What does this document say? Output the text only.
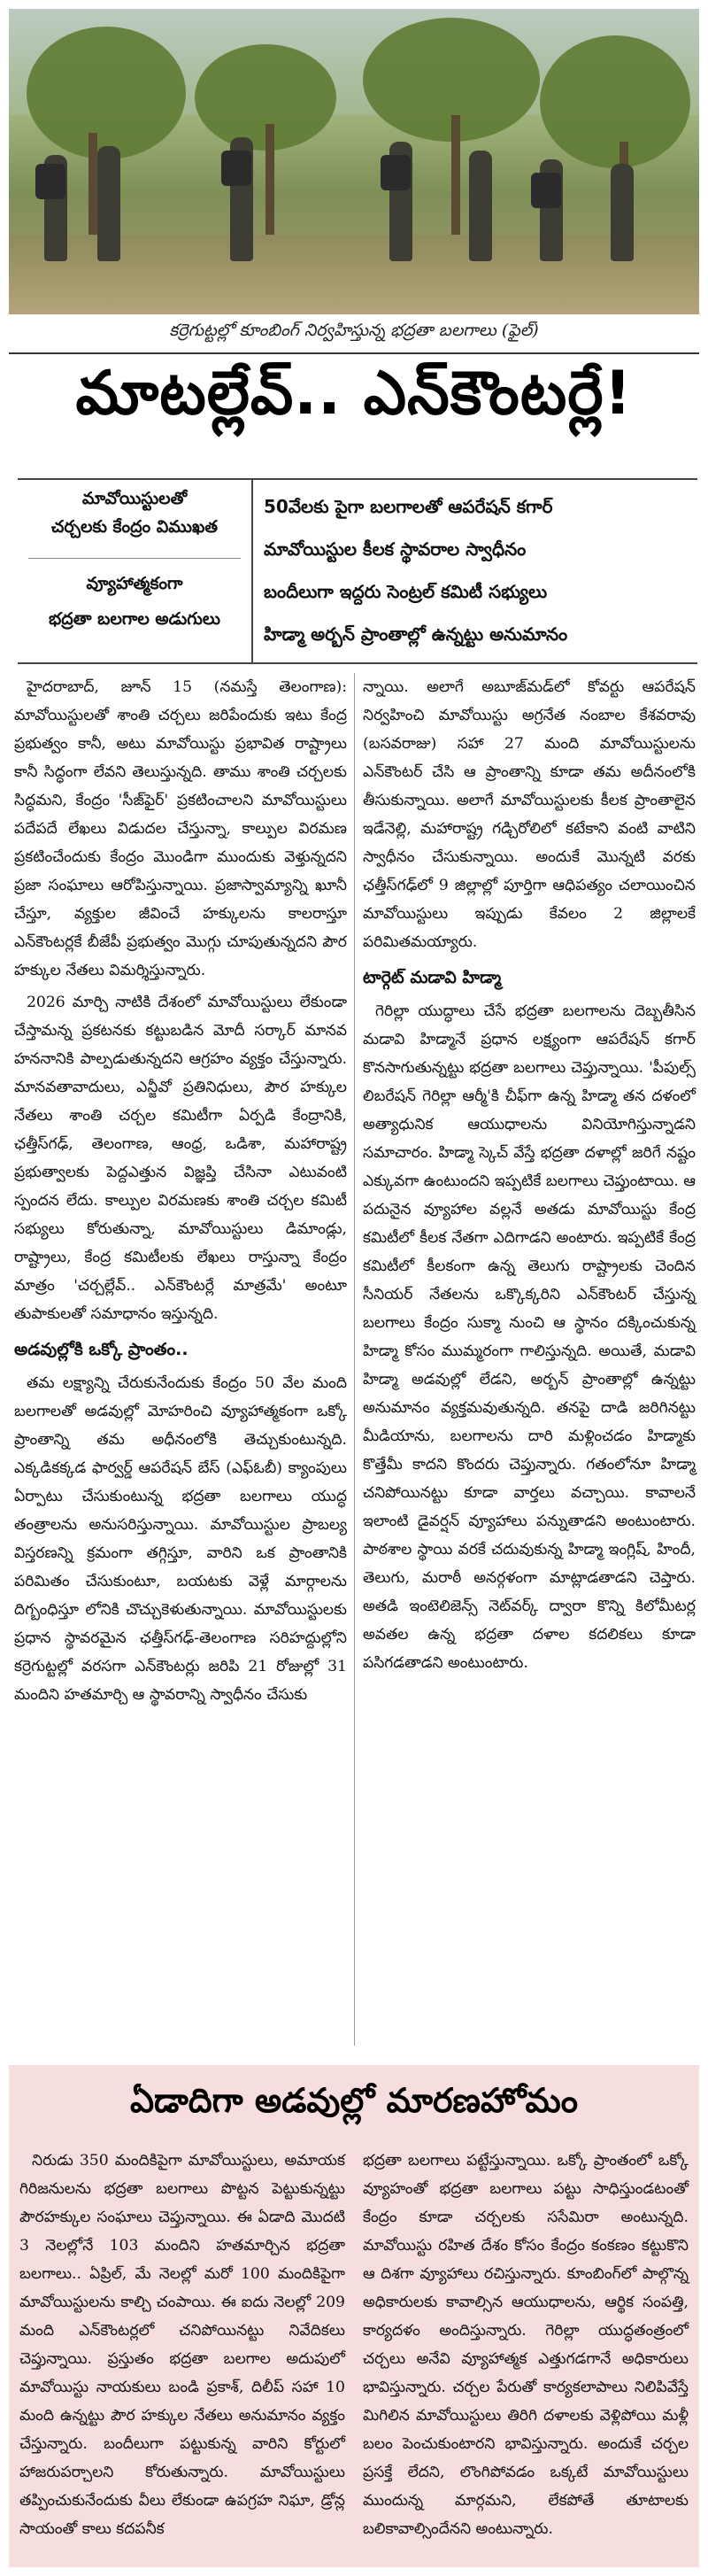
కర్రెగుట్టల్లో కూంబింగ్ నిర్వహిస్తున్న భద్రతా బలగాలు (ఫైల్)
మాటల్లేవ్.. ఎన్‌కౌంటర్లే!
మావోయిస్టులతో
చర్చలకు కేంద్రం విముఖత
వ్యూహాత్మకంగా
భద్రతా బలగాల అడుగులు
50వేలకు పైగా బలగాలతో ఆపరేషన్ కగార్
మావోయిస్టుల కీలక స్థావరాల స్వాధీనం
బందీలుగా ఇద్దరు సెంట్రల్ కమిటీ సభ్యులు
హిడ్మా అర్బన్ ప్రాంతాల్లో ఉన్నట్టు అనుమానం

హైదరాబాద్, జూన్ 15 (నమస్తే తెలంగాణ): మావోయిస్టులతో శాంతి చర్చలు జరిపేందుకు ఇటు కేంద్ర ప్రభుత్వం కానీ, అటు మావోయిస్టు ప్రభావిత రాష్ట్రాలు కానీ సిద్ధంగా లేవని తెలుస్తున్నది. తాము శాంతి చర్చలకు సిద్ధమని, కేంద్రం 'సీజ్‌ఫైర్' ప్రకటించాలని మావోయిస్టులు పదేపదే లేఖలు విడుదల చేస్తున్నా, కాల్పుల విరమణ ప్రకటించేందుకు కేంద్రం మొండిగా ముందుకు వెళ్తున్నదని ప్రజా సంఘాలు ఆరోపిస్తున్నాయి. ప్రజాస్వామ్యాన్ని ఖూనీ చేస్తూ, వ్యక్తుల జీవించే హక్కులను కాలరాస్తూ ఎన్‌కౌంటర్లకే బీజేపీ ప్రభుత్వం మొగ్గు చూపుతున్నదని పౌర హక్కుల నేతలు విమర్శిస్తున్నారు.

2026 మార్చి నాటికి దేశంలో మావోయిస్టులు లేకుండా చేస్తామన్న ప్రకటనకు కట్టుబడిన మోదీ సర్కార్ మానవ హననానికి పాల్పడుతున్నదని ఆగ్రహం వ్యక్తం చేస్తున్నారు. మానవతావాదులు, ఎన్జీవో ప్రతినిధులు, పౌర హక్కుల నేతలు శాంతి చర్చల కమిటీగా ఏర్పడి కేంద్రానికి, ఛత్తీస్‌గఢ్, తెలంగాణ, ఆంధ్ర, ఒడిశా, మహారాష్ట్ర ప్రభుత్వాలకు పెద్దఎత్తున విజ్ఞప్తి చేసినా ఎటువంటి స్పందన లేదు. కాల్పుల విరమణకు శాంతి చర్చల కమిటీ సభ్యులు కోరుతున్నా, మావోయిస్టులు డిమాండ్లు, రాష్ట్రాలు, కేంద్ర కమిటీలకు లేఖలు రాస్తున్నా కేంద్రం మాత్రం 'చర్చల్లేవ్.. ఎన్‌కౌంటర్లే మాత్రమే' అంటూ తుపాకులతో సమాధానం ఇస్తున్నది.

అడవుల్లోకి ఒక్కో ప్రాంతం..

తమ లక్ష్యాన్ని చేరుకునేందుకు కేంద్రం 50 వేల మంది బలగాలతో అడవుల్లో మోహరించి వ్యూహాత్మకంగా ఒక్కో ప్రాంతాన్ని తమ అధీనంలోకి తెచ్చుకుంటున్నది. ఎక్కడికక్కడ ఫార్వర్డ్ ఆపరేషన్ బేస్ (ఎఫ్‌ఓబీ) క్యాంపులు ఏర్పాటు చేసుకుంటున్న భద్రతా బలగాలు యుద్ధ తంత్రాలను అనుసరిస్తున్నాయి. మావోయిస్టుల ప్రాబల్య విస్తరణన్ని క్రమంగా తగ్గిస్తూ, వారిని ఒక ప్రాంతానికి పరిమితం చేసుకుంటూ, బయటకు వెళ్లే మార్గాలను దిగ్బంధిస్తూ లోనికి చొచ్చుకెళుతున్నాయి. మావోయిస్టులకు ప్రధాన స్థావరమైన ఛత్తీస్‌గఢ్-తెలంగాణ సరిహద్దుల్లోని కర్రెగుట్టల్లో వరసగా ఎన్‌కౌంటర్లు జరిపి 21 రోజుల్లో 31 మందిని హతమార్చి ఆ స్థావరాన్ని స్వాధీనం చేసుకు

న్నాయి. అలాగే అబూజ్‌మడ్‌లో కోవర్టు ఆపరేషన్ నిర్వహించి మావోయిస్టు అగ్రనేత నంబాల కేశవరావు (బసవరాజు) సహా 27 మంది మావోయిస్టులను ఎన్‌కౌంటర్ చేసి ఆ ప్రాంతాన్ని కూడా తమ అదీనంలోకి తీసుకున్నాయి. అలాగే మావోయిస్టులకు కీలక ప్రాంతాలైన ఇడేనెల్లి, మహారాష్ట్ర గడ్చిరోలిలో కటేకాని వంటి వాటిని స్వాధీనం చేసుకున్నాయి. అందుకే మొన్నటి వరకు ఛత్తీస్‌గఢ్‌లో 9 జిల్లాల్లో పూర్తిగా ఆధిపత్యం చలాయించిన మావోయిస్టులు ఇప్పుడు కేవలం 2 జిల్లాలకే పరిమితమయ్యారు.

టార్గెట్ మడావి హిడ్మా

గెరిల్లా యుద్ధాలు చేసే భద్రతా బలగాలను దెబ్బతీసిన మడావి హిడ్మానే ప్రధాన లక్ష్యంగా ఆపరేషన్ కగార్ కొనసాగుతున్నట్టు భద్రతా బలగాలు చెప్తున్నాయి. 'పీపుల్స్ లిబరేషన్ గెరిల్లా ఆర్మీ'కి చీఫ్‌గా ఉన్న హిడ్మా తన దళంలో అత్యాధునిక ఆయుధాలను వినియోగిస్తున్నాడని సమాచారం. హిడ్మా స్కెచ్ వేస్తే భద్రతా దళాల్లో జరిగే నష్టం ఎక్కువగా ఉంటుందని ఇప్పటికే బలగాలు చెప్తుంటాయి. ఆ పదునైన వ్యూహాల వల్లనే అతడు మావోయిస్టు కేంద్ర కమిటీలో కీలక నేతగా ఎదిగాడని అంటారు. ఇప్పటికే కేంద్ర కమిటీలో కీలకంగా ఉన్న తెలుగు రాష్ట్రాలకు చెందిన సీనియర్ నేతలను ఒక్కొక్కరిని ఎన్‌కౌంటర్ చేస్తున్న బలగాలు కేంద్రం సుక్మా నుంచి ఆ స్థానం దక్కించుకున్న హిడ్మా కోసం ముమ్మరంగా గాలిస్తున్నది. అయితే, మడావి హిడ్మా అడవుల్లో లేడని, అర్బన్ ప్రాంతాల్లో ఉన్నట్టు అనుమానం వ్యక్తమవుతున్నది. తనపై దాడి జరిగినట్టు మీడియాను, బలగాలను దారి మళ్లించడం హిడ్మాకు కొత్తేమీ కాదని కొందరు చెప్తున్నారు. గతంలోనూ హిడ్మా చనిపోయినట్టు కూడా వార్తలు వచ్చాయి. కావాలనే ఇలాంటి డైవర్షన్ వ్యూహాలు పన్నుతాడని అంటుంటారు. పాఠశాల స్థాయి వరకే చదువుకున్న హిడ్మా ఇంగ్లిష్, హిందీ, తెలుగు, మరాఠీ అనర్గళంగా మాట్లాడతాడని చెప్తారు. అతడి ఇంటెలిజెన్స్ నెట్‌వర్క్ ద్వారా కొన్ని కిలోమీటర్ల అవతల ఉన్న భద్రతా దళాల కదలికలు కూడా పసిగడతాడని అంటుంటారు.

ఏడాదిగా అడవుల్లో మారణహోమం

నిరుడు 350 మందికిపైగా మావోయిస్టులు, అమాయక గిరిజనులను భద్రతా బలగాలు పొట్టన పెట్టుకున్నట్టు పౌరహక్కుల సంఘాలు చెప్తున్నాయి. ఈ ఏడాది మొదటి 3 నెలల్లోనే 103 మందిని హతమార్చిన భద్రతా బలగాలు.. ఏప్రిల్, మే నెలల్లో మరో 100 మందికిపైగా మావోయిస్టులను కాల్చి చంపాయి. ఈ ఐదు నెలల్లో 209 మంది ఎన్‌కౌంటర్లలో చనిపోయినట్టు నివేదికలు చెప్తున్నాయి. ప్రస్తుతం భద్రతా బలగాల అదుపులో మావోయిస్టు నాయకులు బండి ప్రకాశ్, దిలీప్ సహా 10 మంది ఉన్నట్టు పౌర హక్కుల నేతలు అనుమానం వ్యక్తం చేస్తున్నారు. బందీలుగా పట్టుకున్న వారిని కోర్టులో హాజరుపర్చాలని కోరుతున్నారు. మావోయిస్టులు తప్పించుకునేందుకు వీలు లేకుండా ఉపగ్రహ నిఘా, డ్రోన్ల సాయంతో కాలు కదపనీక

భద్రతా బలగాలు పట్టేస్తున్నాయి. ఒక్కో ప్రాంతంలో ఒక్కో వ్యూహంతో భద్రతా బలగాలు పట్టు సాధిస్తుండటంతో కేంద్రం కూడా చర్చలకు ససేమిరా అంటున్నది. మావోయిస్టు రహిత దేశం కోసం కేంద్రం కంకణం కట్టుకొని ఆ దిశగా వ్యూహాలు రచిస్తున్నారు. కూంబింగ్‌లో పాల్గొన్న అధికారులకు కావాల్సిన ఆయుధాలను, ఆర్థిక సంపత్తి, కార్యదళం అందిస్తున్నారు. గెరిల్లా యుద్ధతంత్రంలో చర్చలు అనేవి వ్యూహాత్మక ఎత్తుగడగానే అధికారులు భావిస్తున్నారు. చర్చల పేరుతో కార్యకలాపాలు నిలిపివేస్తే మిగిలిన మావోయిస్టులు తిరిగి దళాలకు వెళ్లిపోయి మళ్లీ బలం పెంచుకుంటారని భావిస్తున్నారు. అందుకే చర్చల ప్రసక్తే లేదని, లొంగిపోవడం ఒక్కటే మావోయిస్టులు ముందున్న మార్గమని, లేకపోతే తూటాలకు బలికావాల్సిందేనని అంటున్నారు.
